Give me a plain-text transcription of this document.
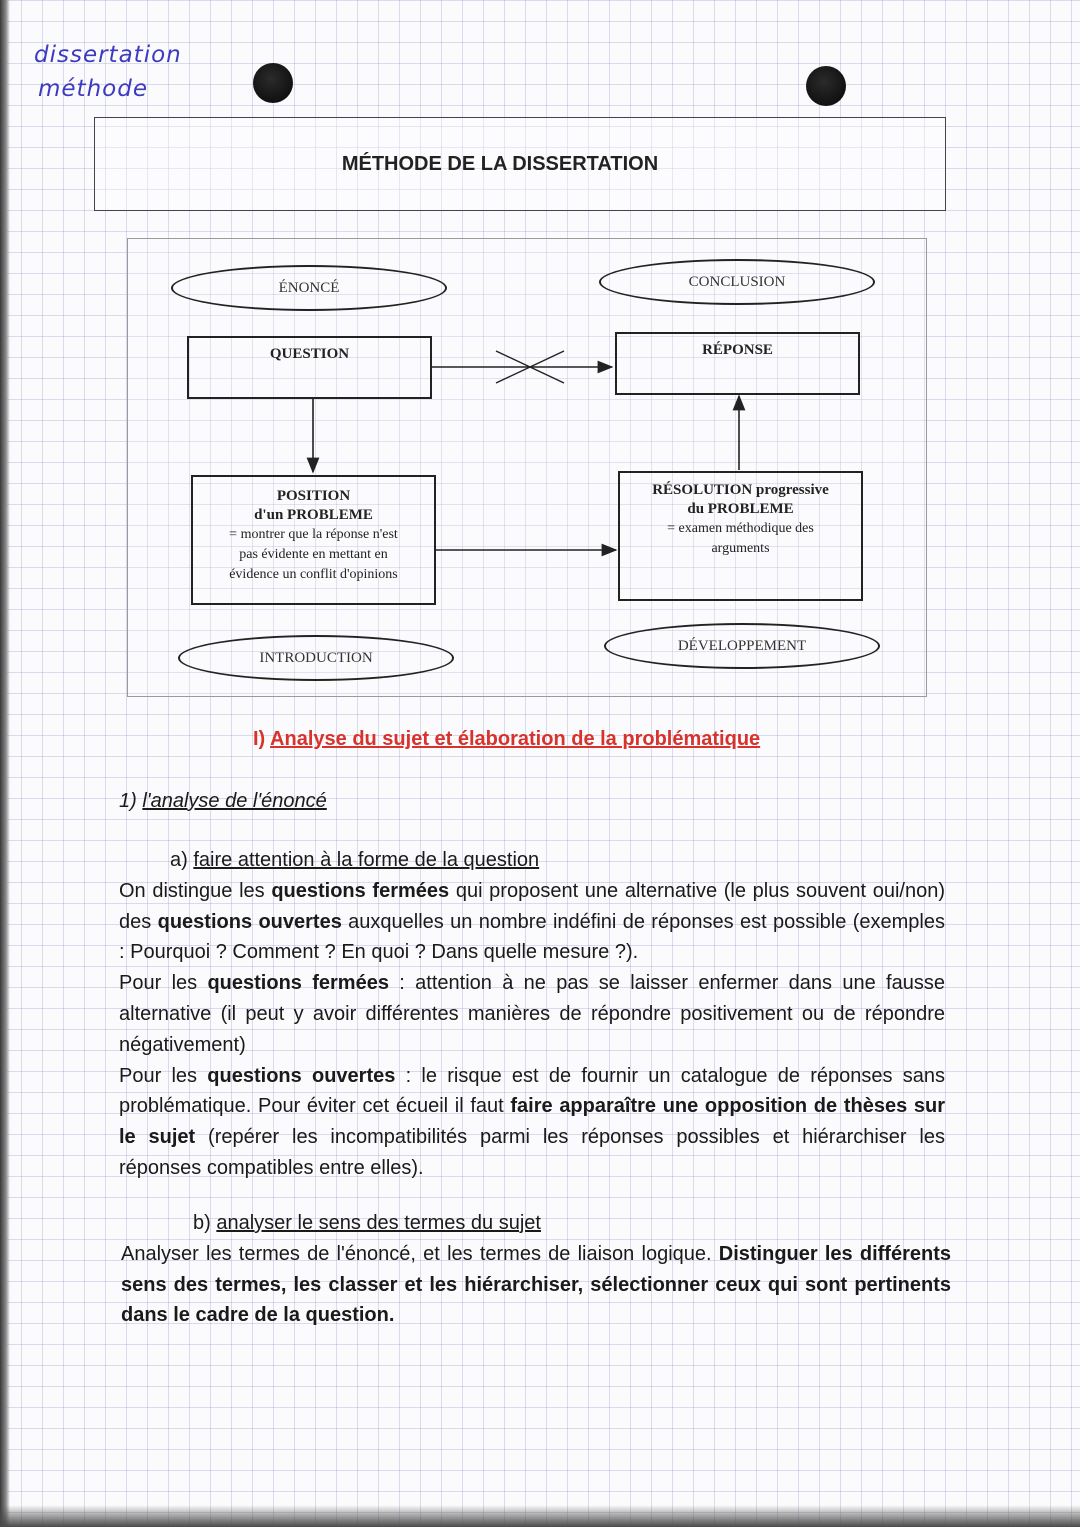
dissertation
méthode
MÉTHODE DE LA DISSERTATION
ÉNONCÉ
QUESTION
POSITION
d'un PROBLEME
= montrer que la réponse n'est
pas évidente en mettant en
évidence un conflit d'opinions
INTRODUCTION
CONCLUSION
RÉPONSE
RÉSOLUTION progressive
du PROBLEME
= examen méthodique des
arguments
DÉVELOPPEMENT
I) Analyse du sujet et élaboration de la problématique
1) l'analyse de l'énoncé
a) faire attention à la forme de la question
On distingue les questions fermées qui proposent une alternative (le plus souvent oui/non) des questions ouvertes auxquelles un nombre indéfini de réponses est possible (exemples : Pourquoi ? Comment ? En quoi ? Dans quelle mesure ?).
Pour les questions fermées : attention à ne pas se laisser enfermer dans une fausse alternative (il peut y avoir différentes manières de répondre positivement ou de répondre négativement)
Pour les questions ouvertes : le risque est de fournir un catalogue de réponses sans problématique. Pour éviter cet écueil il faut faire apparaître une opposition de thèses sur le sujet (repérer les incompatibilités parmi les réponses possibles et hiérarchiser les réponses compatibles entre elles).
b) analyser le sens des termes du sujet
Analyser les termes de l'énoncé, et les termes de liaison logique. Distinguer les différents sens des termes, les classer et les hiérarchiser, sélectionner ceux qui sont pertinents dans le cadre de la question.
